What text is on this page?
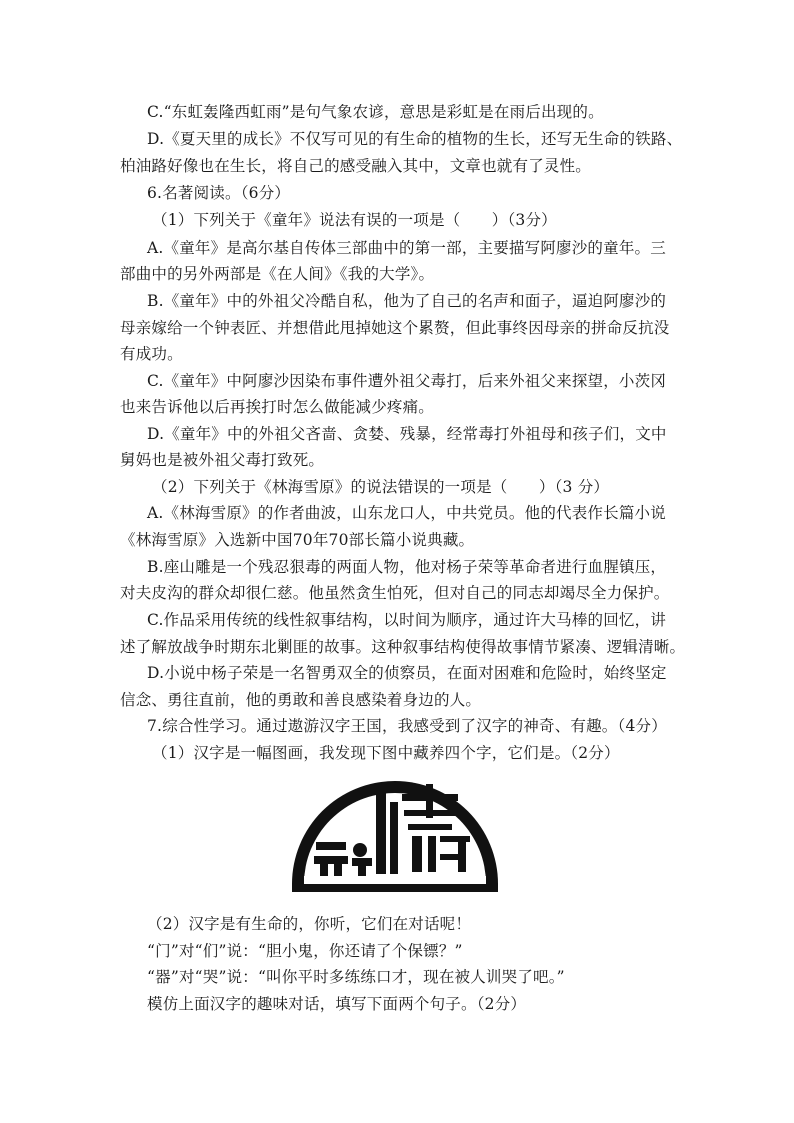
C.“东虹轰隆西虹雨”是句气象农谚，意思是彩虹是在雨后出现的。
D.《夏天里的成长》不仅写可见的有生命的植物的生长，还写无生命的铁路、
柏油路好像也在生长，将自己的感受融入其中，文章也就有了灵性。
6.名著阅读。（6分）
（1）下列关于《童年》说法有误的一项是（　　）（3分）
A.《童年》是高尔基自传体三部曲中的第一部，主要描写阿廖沙的童年。三
部曲中的另外两部是《在人间》《我的大学》。
B.《童年》中的外祖父冷酷自私，他为了自己的名声和面子，逼迫阿廖沙的
母亲嫁给一个钟表匠、并想借此甩掉她这个累赘，但此事终因母亲的拼命反抗没
有成功。
C.《童年》中阿廖沙因染布事件遭外祖父毒打，后来外祖父来探望，小茨冈
也来告诉他以后再挨打时怎么做能减少疼痛。
D.《童年》中的外祖父吝啬、贪婪、残暴，经常毒打外祖母和孩子们，文中
舅妈也是被外祖父毒打致死。
（2）下列关于《林海雪原》的说法错误的一项是（　　）（3 分）
A.《林海雪原》的作者曲波，山东龙口人，中共党员。他的代表作长篇小说
《林海雪原》入选新中国70年70部长篇小说典藏。
B.座山雕是一个残忍狠毒的两面人物，他对杨子荣等革命者进行血腥镇压，
对夫皮沟的群众却很仁慈。他虽然贪生怕死，但对自己的同志却竭尽全力保护。
C.作品采用传统的线性叙事结构，以时间为顺序，通过许大马棒的回忆，讲
述了解放战争时期东北剿匪的故事。这种叙事结构使得故事情节紧凑、逻辑清晰。
D.小说中杨子荣是一名智勇双全的侦察员，在面对困难和危险时，始终坚定
信念、勇往直前，他的勇敢和善良感染着身边的人。
7.综合性学习。通过遨游汉字王国，我感受到了汉字的神奇、有趣。（4分）
（1）汉字是一幅图画，我发现下图中藏养四个字，它们是。（2分）
（2）汉字是有生命的，你听，它们在对话呢！
“门”对“们”说：“胆小鬼，你还请了个保镖？”
“器”对“哭”说：“叫你平时多练练口才，现在被人训哭了吧。”
模仿上面汉字的趣味对话，填写下面两个句子。（2分）
